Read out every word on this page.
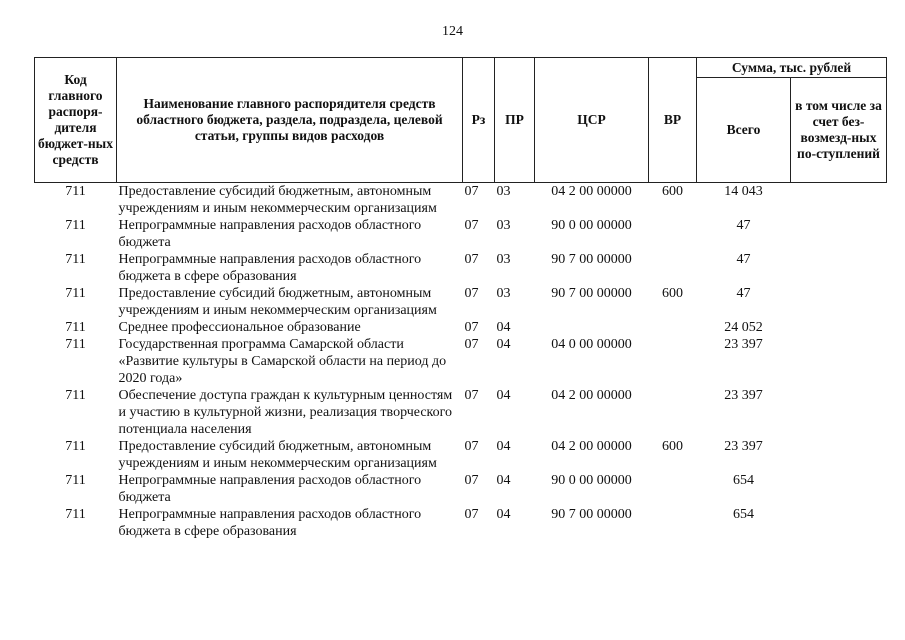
124
Код главного распоря-дителя бюджет-ных средств	Наименование главного распорядителя средств областного бюджета, раздела, подраздела, целевой статьи, группы видов расходов	Рз	ПР	ЦСР	ВР	Сумма, тыс. рублей	
						Всего	в том числе за счет без-возмезд-ных по-ступлений
711	Предоставление субсидий бюджетным, автономным учреждениям и иным некоммерческим организациям	07	03	04 2 00 00000	600	14 043	
711	Непрограммные направления расходов областного бюджета	07	03	90 0 00 00000		47	
711	Непрограммные направления расходов областного бюджета в сфере образования	07	03	90 7 00 00000		47	
711	Предоставление субсидий бюджетным, автономным учреждениям и иным некоммерческим организациям	07	03	90 7 00 00000	600	47	
711	Среднее профессиональное образование	07	04			24 052	
711	Государственная программа Самарской области «Развитие культуры в Самарской области на период до 2020 года»	07	04	04 0 00 00000		23 397	
711	Обеспечение доступа граждан к культурным ценностям и участию в культурной жизни, реализация творческого потенциала населения	07	04	04 2 00 00000		23 397	
711	Предоставление субсидий бюджетным, автономным учреждениям и иным некоммерческим организациям	07	04	04 2 00 00000	600	23 397	
711	Непрограммные направления расходов областного бюджета	07	04	90 0 00 00000		654	
711	Непрограммные направления расходов областного бюджета в сфере образования	07	04	90 7 00 00000		654	
